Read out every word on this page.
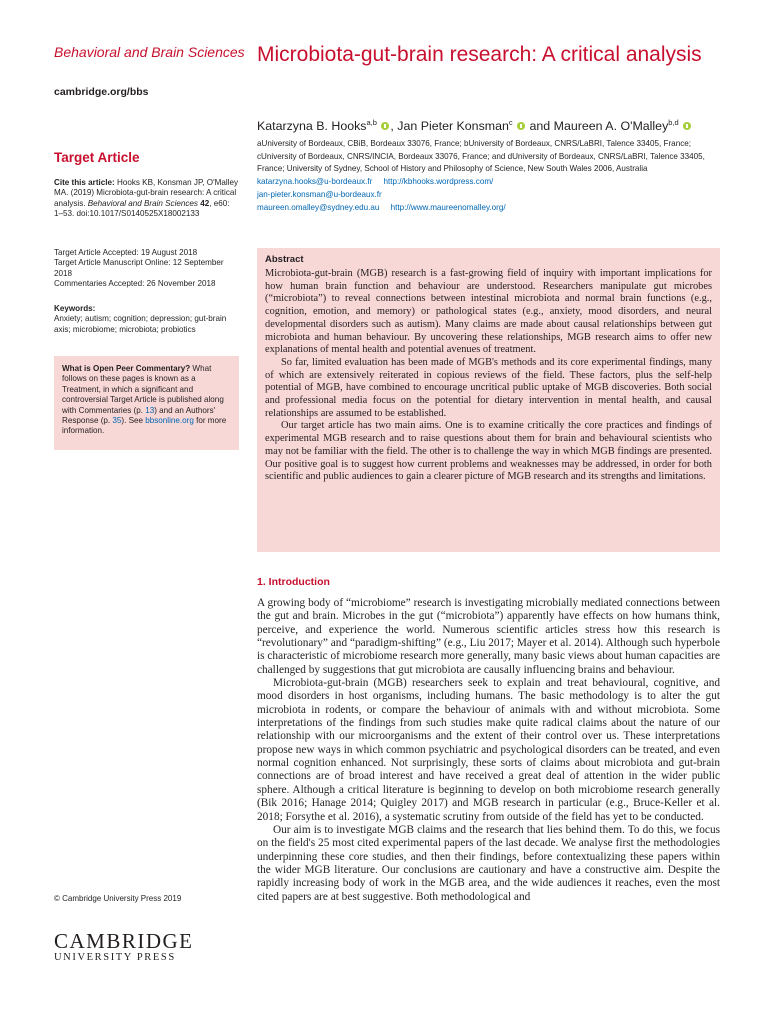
Behavioral and Brain Sciences
cambridge.org/bbs
Target Article
Cite this article: Hooks KB, Konsman JP, O'Malley MA. (2019) Microbiota-gut-brain research: A critical analysis. Behavioral and Brain Sciences 42, e60: 1–53. doi:10.1017/S0140525X18002133
Target Article Accepted: 19 August 2018
Target Article Manuscript Online: 12 September 2018
Commentaries Accepted: 26 November 2018
Keywords:
Anxiety; autism; cognition; depression; gut-brain axis; microbiome; microbiota; probiotics
What is Open Peer Commentary? What follows on these pages is known as a Treatment, in which a significant and controversial Target Article is published along with Commentaries (p. 13) and an Authors' Response (p. 35). See bbsonline.org for more information.
© Cambridge University Press 2019
CAMBRIDGE
UNIVERSITY PRESS
Microbiota-gut-brain research: A critical analysis
Katarzyna B. Hooks$^{a,b}$ , Jan Pieter Konsman$^c$  and Maureen A. O'Malley$^{b,d}$
aUniversity of Bordeaux, CBiB, Bordeaux 33076, France; bUniversity of Bordeaux, CNRS/LaBRI, Talence 33405, France; cUniversity of Bordeaux, CNRS/INCIA, Bordeaux 33076, France; and dUniversity of Bordeaux, CNRS/LaBRI, Talence 33405, France; University of Sydney, School of History and Philosophy of Science, New South Wales 2006, Australia
katarzyna.hooks@u-bordeaux.fr http://kbhooks.wordpress.com/
jan-pieter.konsman@u-bordeaux.fr
maureen.omalley@sydney.edu.au http://www.maureenomalley.org/
Abstract

Microbiota-gut-brain (MGB) research is a fast-growing field of inquiry with important implications for how human brain function and behaviour are understood. Researchers manipulate gut microbes (“microbiota”) to reveal connections between intestinal microbiota and normal brain functions (e.g., cognition, emotion, and memory) or pathological states (e.g., anxiety, mood disorders, and neural developmental disorders such as autism). Many claims are made about causal relationships between gut microbiota and human behaviour. By uncovering these relationships, MGB research aims to offer new explanations of mental health and potential avenues of treatment.

So far, limited evaluation has been made of MGB's methods and its core experimental findings, many of which are extensively reiterated in copious reviews of the field. These factors, plus the self-help potential of MGB, have combined to encourage uncritical public uptake of MGB discoveries. Both social and professional media focus on the potential for dietary intervention in mental health, and causal relationships are assumed to be established.

Our target article has two main aims. One is to examine critically the core practices and findings of experimental MGB research and to raise questions about them for brain and behavioural scientists who may not be familiar with the field. The other is to challenge the way in which MGB findings are presented. Our positive goal is to suggest how current problems and weaknesses may be addressed, in order for both scientific and public audiences to gain a clearer picture of MGB research and its strengths and limitations.

1. Introduction

A growing body of “microbiome” research is investigating microbially mediated connections between the gut and brain. Microbes in the gut (“microbiota”) apparently have effects on how humans think, perceive, and experience the world. Numerous scientific articles stress how this research is “revolutionary” and “paradigm-shifting” (e.g., Liu 2017; Mayer et al. 2014). Although such hyperbole is characteristic of microbiome research more generally, many basic views about human capacities are challenged by suggestions that gut microbiota are causally influencing brains and behaviour.

Microbiota-gut-brain (MGB) researchers seek to explain and treat behavioural, cognitive, and mood disorders in host organisms, including humans. The basic methodology is to alter the gut microbiota in rodents, or compare the behaviour of animals with and without microbiota. Some interpretations of the findings from such studies make quite radical claims about the nature of our relationship with our microorganisms and the extent of their control over us. These interpretations propose new ways in which common psychiatric and psychological disorders can be treated, and even normal cognition enhanced. Not surprisingly, these sorts of claims about microbiota and gut-brain connections are of broad interest and have received a great deal of attention in the wider public sphere. Although a critical literature is beginning to develop on both microbiome research generally (Bik 2016; Hanage 2014; Quigley 2017) and MGB research in particular (e.g., Bruce-Keller et al. 2018; Forsythe et al. 2016), a systematic scrutiny from outside of the field has yet to be conducted.

Our aim is to investigate MGB claims and the research that lies behind them. To do this, we focus on the field's 25 most cited experimental papers of the last decade. We analyse first the methodologies underpinning these core studies, and then their findings, before contextualizing these papers within the wider MGB literature. Our conclusions are cautionary and have a constructive aim. Despite the rapidly increasing body of work in the MGB area, and the wide audiences it reaches, even the most cited papers are at best suggestive. Both methodological and
